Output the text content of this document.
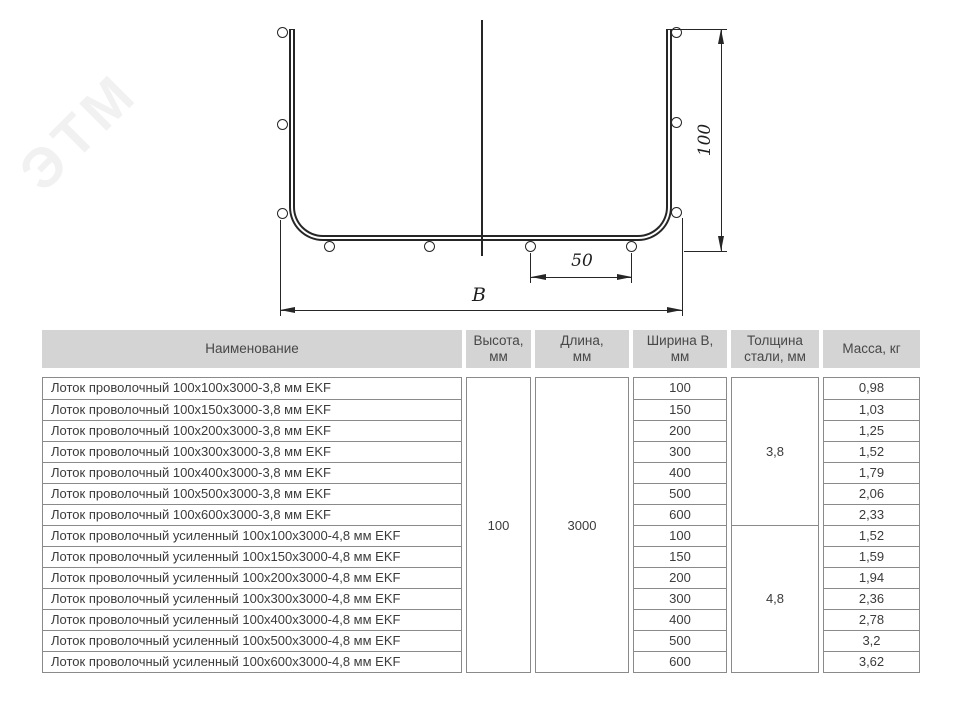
ЭТМ	100
50
B
Наименование
Высота,
мм
Длина,
мм
Ширина B,
мм
Толщина
стали, мм
Масса, кг
Лоток проволочный 100х100х3000-3,8 мм EKF
Лоток проволочный 100х150х3000-3,8 мм EKF
Лоток проволочный 100х200х3000-3,8 мм EKF
Лоток проволочный 100х300х3000-3,8 мм EKF
Лоток проволочный 100х400х3000-3,8 мм EKF
Лоток проволочный 100х500х3000-3,8 мм EKF
Лоток проволочный 100х600х3000-3,8 мм EKF
Лоток проволочный усиленный 100х100х3000-4,8 мм EKF
Лоток проволочный усиленный 100х150х3000-4,8 мм EKF
Лоток проволочный усиленный 100х200х3000-4,8 мм EKF
Лоток проволочный усиленный 100х300х3000-4,8 мм EKF
Лоток проволочный усиленный 100х400х3000-4,8 мм EKF
Лоток проволочный усиленный 100х500х3000-4,8 мм EKF
Лоток проволочный усиленный 100х600х3000-4,8 мм EKF
100	3000
100
150
200
300
400
500
600
100
150
200
300
400
500
600
3,8
4,8
0,98
1,03
1,25
1,52
1,79
2,06
2,33
1,52
1,59
1,94
2,36
2,78
3,2
3,62
